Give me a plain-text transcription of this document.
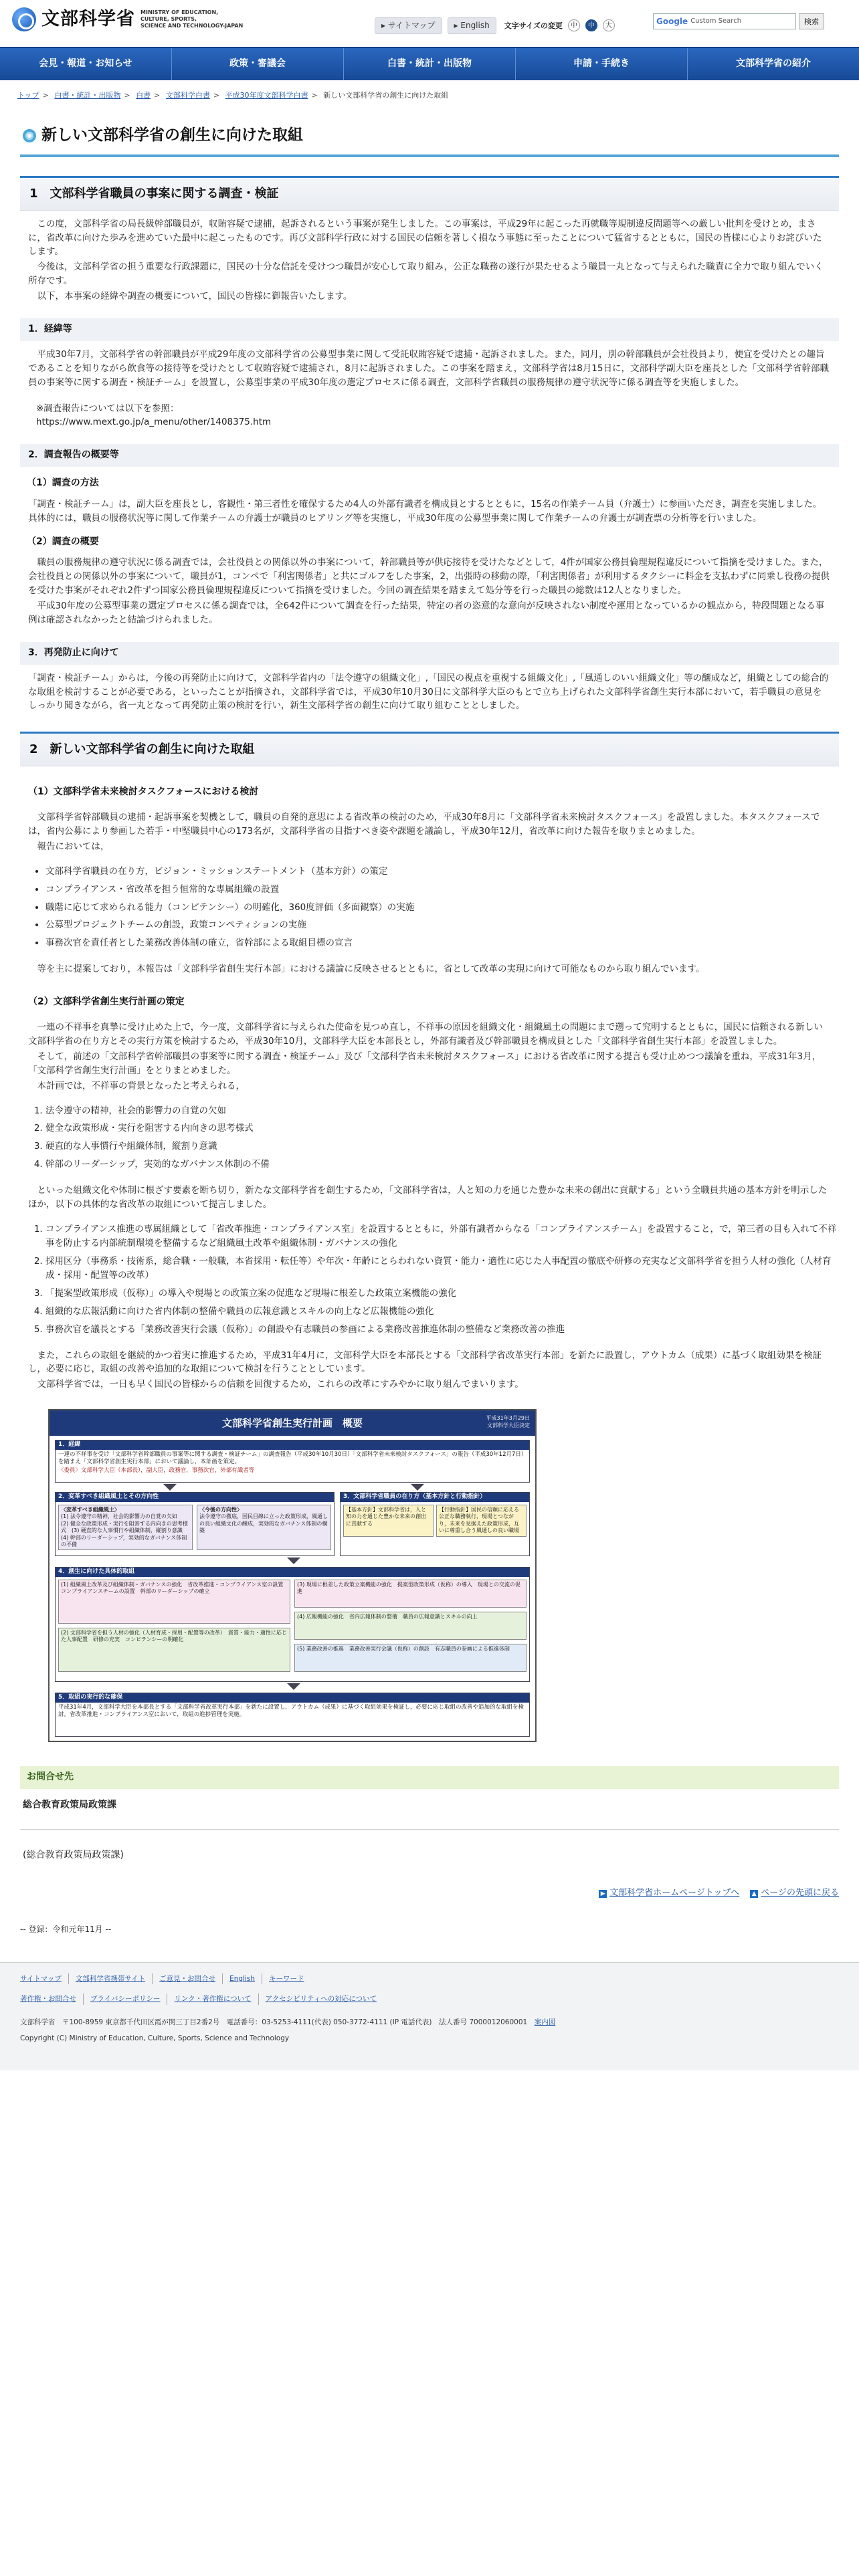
文部科学省 MINISTRY OF EDUCATION,
CULTURE, SPORTS,
SCIENCE AND TECHNOLOGY-JAPAN	▸ サイトマップ	▸ English	文字サイズの変更	中	中	大	Google Custom Search	検索
会見・報道・お知らせ	政策・審議会	白書・統計・出版物	申請・手続き	文部科学省の紹介
トップ > 白書・統計・出版物 > 白書 > 文部科学白書 > 平成30年度文部科学白書 > 新しい文部科学省の創生に向けた取組
新しい文部科学省の創生に向けた取組
1 文部科学省職員の事案に関する調査・検証

この度，文部科学省の局長級幹部職員が，収賄容疑で逮捕，起訴されるという事案が発生しました。この事案は，平成29年に起こった再就職等規制違反問題等への厳しい批判を受けとめ，まさに，省改革に向けた歩みを進めていた最中に起こったものです。再び文部科学行政に対する国民の信頼を著しく損なう事態に至ったことについて猛省するとともに，国民の皆様に心よりお詫びいたします。

今後は，文部科学省の担う重要な行政課題に，国民の十分な信託を受けつつ職員が安心して取り組み，公正な職務の遂行が果たせるよう職員一丸となって与えられた職責に全力で取り組んでいく所存です。

以下，本事案の経緯や調査の概要について，国民の皆様に御報告いたします。

1．経緯等

平成30年7月，文部科学省の幹部職員が平成29年度の文部科学省の公募型事業に関して受託収賄容疑で逮捕・起訴されました。また，同月，別の幹部職員が会社役員より，便宜を受けたとの趣旨であることを知りながら飲食等の接待等を受けたとして収賄容疑で逮捕され，8月に起訴されました。この事案を踏まえ，文部科学省は8月15日に，文部科学副大臣を座長とした「文部科学省幹部職員の事案等に関する調査・検証チーム」を設置し，公募型事業の平成30年度の選定プロセスに係る調査，文部科学省職員の服務規律の遵守状況等に係る調査等を実施しました。

※調査報告については以下を参照：
https://www.mext.go.jp/a_menu/other/1408375.htm
2．調査報告の概要等
（1）調査の方法

「調査・検証チーム」は，副大臣を座長とし，客観性・第三者性を確保するため4人の外部有識者を構成員とするとともに，15名の作業チーム員（弁護士）に参画いただき，調査を実施しました。具体的には，職員の服務状況等に関して作業チームの弁護士が職員のヒアリング等を実施し，平成30年度の公募型事業に関して作業チームの弁護士が調査票の分析等を行いました。

（2）調査の概要

職員の服務規律の遵守状況に係る調査では，会社役員との関係以外の事案について，幹部職員等が供応接待を受けたなどとして，4件が国家公務員倫理規程違反について指摘を受けました。また，会社役員との関係以外の事案について，職員が1，コンペで「利害関係者」と共にゴルフをした事案，2，出張時の移動の際，「利害関係者」が利用するタクシーに料金を支払わずに同乗し役務の提供を受けた事案がそれぞれ2件ずつ国家公務員倫理規程違反について指摘を受けました。今回の調査結果を踏まえて処分等を行った職員の総数は12人となりました。

平成30年度の公募型事業の選定プロセスに係る調査では，全642件について調査を行った結果，特定の者の恣意的な意向が反映されない制度や運用となっているかの観点から，特段問題となる事例は確認されなかったと結論づけられました。

3．再発防止に向けて

「調査・検証チーム」からは，今後の再発防止に向けて，文部科学省内の「法令遵守の組織文化」,「国民の視点を重視する組織文化」,「風通しのいい組織文化」等の醸成など，組織としての総合的な取組を検討することが必要である，といったことが指摘され，文部科学省では，平成30年10月30日に文部科学大臣のもとで立ち上げられた文部科学省創生実行本部において，若手職員の意見をしっかり聞きながら，省一丸となって再発防止策の検討を行い，新生文部科学省の創生に向けて取り組むこととしました。

2 新しい文部科学省の創生に向けた取組
（1）文部科学省未来検討タスクフォースにおける検討

文部科学省幹部職員の逮捕・起訴事案を契機として，職員の自発的意思による省改革の検討のため，平成30年8月に「文部科学省未来検討タスクフォース」を設置しました。本タスクフォースでは，省内公募により参画した若手・中堅職員中心の173名が，文部科学省の目指すべき姿や課題を議論し，平成30年12月，省改革に向けた報告を取りまとめました。

報告においては，

• 文部科学省職員の在り方，ビジョン・ミッションステートメント（基本方針）の策定
• コンプライアンス・省改革を担う恒常的な専属組織の設置
• 職階に応じて求められる能力（コンピテンシー）の明確化，360度評価（多面観察）の実施
• 公募型プロジェクトチームの創設，政策コンペティションの実施
• 事務次官を責任者とした業務改善体制の確立，省幹部による取組目標の宣言

等を主に提案しており，本報告は「文部科学省創生実行本部」における議論に反映させるとともに，省として改革の実現に向けて可能なものから取り組んでいます。

（2）文部科学省創生実行計画の策定

一連の不祥事を真摯に受け止めた上で，今一度，文部科学省に与えられた使命を見つめ直し，不祥事の原因を組織文化・組織風土の問題にまで遡って究明するとともに，国民に信頼される新しい文部科学省の在り方とその実行方策を検討するため，平成30年10月，文部科学大臣を本部長とし，外部有識者及び幹部職員を構成員とした「文部科学省創生実行本部」を設置しました。

そして，前述の「文部科学省幹部職員の事案等に関する調査・検証チーム」及び「文部科学省未来検討タスクフォース」における省改革に関する提言も受け止めつつ議論を重ね，平成31年3月，「文部科学省創生実行計画」をとりまとめました。

本計画では，不祥事の背景となったと考えられる，

1. 法令遵守の精神，社会的影響力の自覚の欠如
2. 健全な政策形成・実行を阻害する内向きの思考様式
3. 硬直的な人事慣行や組織体制，縦割り意識
4. 幹部のリーダーシップ，実効的なガバナンス体制の不備

といった組織文化や体制に根ざす要素を断ち切り，新たな文部科学省を創生するため，「文部科学省は，人と知の力を通じた豊かな未来の創出に貢献する」という全職員共通の基本方針を明示したほか，以下の具体的な省改革の取組について提言しました。

1. コンプライアンス推進の専属組織として「省改革推進・コンプライアンス室」を設置するとともに，外部有識者からなる「コンプライアンスチーム」を設置すること，で，第三者の目も入れて不祥事を防止する内部統制環境を整備するなど組織風土改革や組織体制・ガバナンスの強化
2. 採用区分（事務系・技術系，総合職・一般職，本省採用・転任等）や年次・年齢にとらわれない資質・能力・適性に応じた人事配置の徹底や研修の充実など文部科学省を担う人材の強化（人材育成・採用・配置等の改革）
3. 「提案型政策形成（仮称）」の導入や現場との政策立案の促進など現場に根差した政策立案機能の強化
4. 組織的な広報活動に向けた省内体制の整備や職員の広報意識とスキルの向上など広報機能の強化
5. 事務次官を議長とする「業務改善実行会議（仮称）」の創設や有志職員の参画による業務改善推進体制の整備など業務改善の推進

また，これらの取組を継続的かつ着実に推進するため，平成31年4月に，文部科学大臣を本部長とする「文部科学省改革実行本部」を新たに設置し，アウトカム（成果）に基づく取組効果を検証し，必要に応じ，取組の改善や追加的な取組について検討を行うこととしています。

文部科学省では，一日も早く国民の皆様からの信頼を回復するため，これらの改革にすみやかに取り組んでまいります。

文部科学省創生実行計画　概要	平成31年3月29日
文部科学大臣決定
1．経緯
一連の不祥事を受け「文部科学省幹部職員の事案等に関する調査・検証チーム」の調査報告（平成30年10月30日）「文部科学省未来検討タスクフォース」の報告（平成30年12月7日）を踏まえ「文部科学省創生実行本部」において議論し，本計画を策定。
〈委員〉文部科学大臣（本部長），副大臣，政務官，事務次官，外部有識者等
2．変革すべき組織風土とその方向性
〈変革すべき組織風土〉
(1) 法令遵守の精神，社会的影響力の自覚の欠如　(2) 健全な政策形成・実行を阻害する内向きの思考様式　(3) 硬直的な人事慣行や組織体制，縦割り意識　(4) 幹部のリーダーシップ，実効的なガバナンス体制の不備
〈今後の方向性〉
法令遵守の徹底，国民目線に立った政策形成，風通しの良い組織文化の醸成，実効的なガバナンス体制の構築
3．文部科学省職員の在り方（基本方針と行動指針）
【基本方針】文部科学省は，人と知の力を通じた豊かな未来の創出に貢献する
【行動指針】国民の信頼に応える公正な職務執行，現場とつながり，未来を見据えた政策形成，互いに尊重し合う風通しの良い職場
4．創生に向けた具体的取組
(1) 組織風土改革及び組織体制・ガバナンスの強化　省改革推進・コンプライアンス室の設置　コンプライアンスチームの設置　幹部のリーダーシップの確立
(2) 文部科学省を担う人材の強化（人材育成・採用・配置等の改革）　資質・能力・適性に応じた人事配置　研修の充実　コンピテンシーの明確化
(3) 現場に根差した政策立案機能の強化　提案型政策形成（仮称）の導入　現場との交流の促進
(4) 広報機能の強化　省内広報体制の整備　職員の広報意識とスキルの向上
(5) 業務改善の推進　業務改善実行会議（仮称）の創設　有志職員の参画による推進体制
5．取組の実行的な確保
平成31年4月，文部科学大臣を本部長とする「文部科学省改革実行本部」を新たに設置し，アウトカム（成果）に基づく取組効果を検証し，必要に応じ取組の改善や追加的な取組を検討。省改革推進・コンプライアンス室において，取組の進捗管理を実施。
お問合せ先
総合教育政策局政策課
(総合教育政策局政策課)
▶ 文部科学省ホームページトップへ ▲ ページの先頭に戻る
-- 登録：令和元年11月 --
サイトマップ	文部科学省携帯サイト	ご意見・お問合せ	English	キーワード
著作権・お問合せ	プライバシーポリシー	リンク・著作権について	アクセシビリティへの対応について
文部科学省　〒100-8959 東京都千代田区霞が関三丁目2番2号　電話番号：03-5253-4111(代表) 050-3772-4111 (IP 電話代表)　法人番号 7000012060001　案内図
Copyright (C) Ministry of Education, Culture, Sports, Science and Technology
